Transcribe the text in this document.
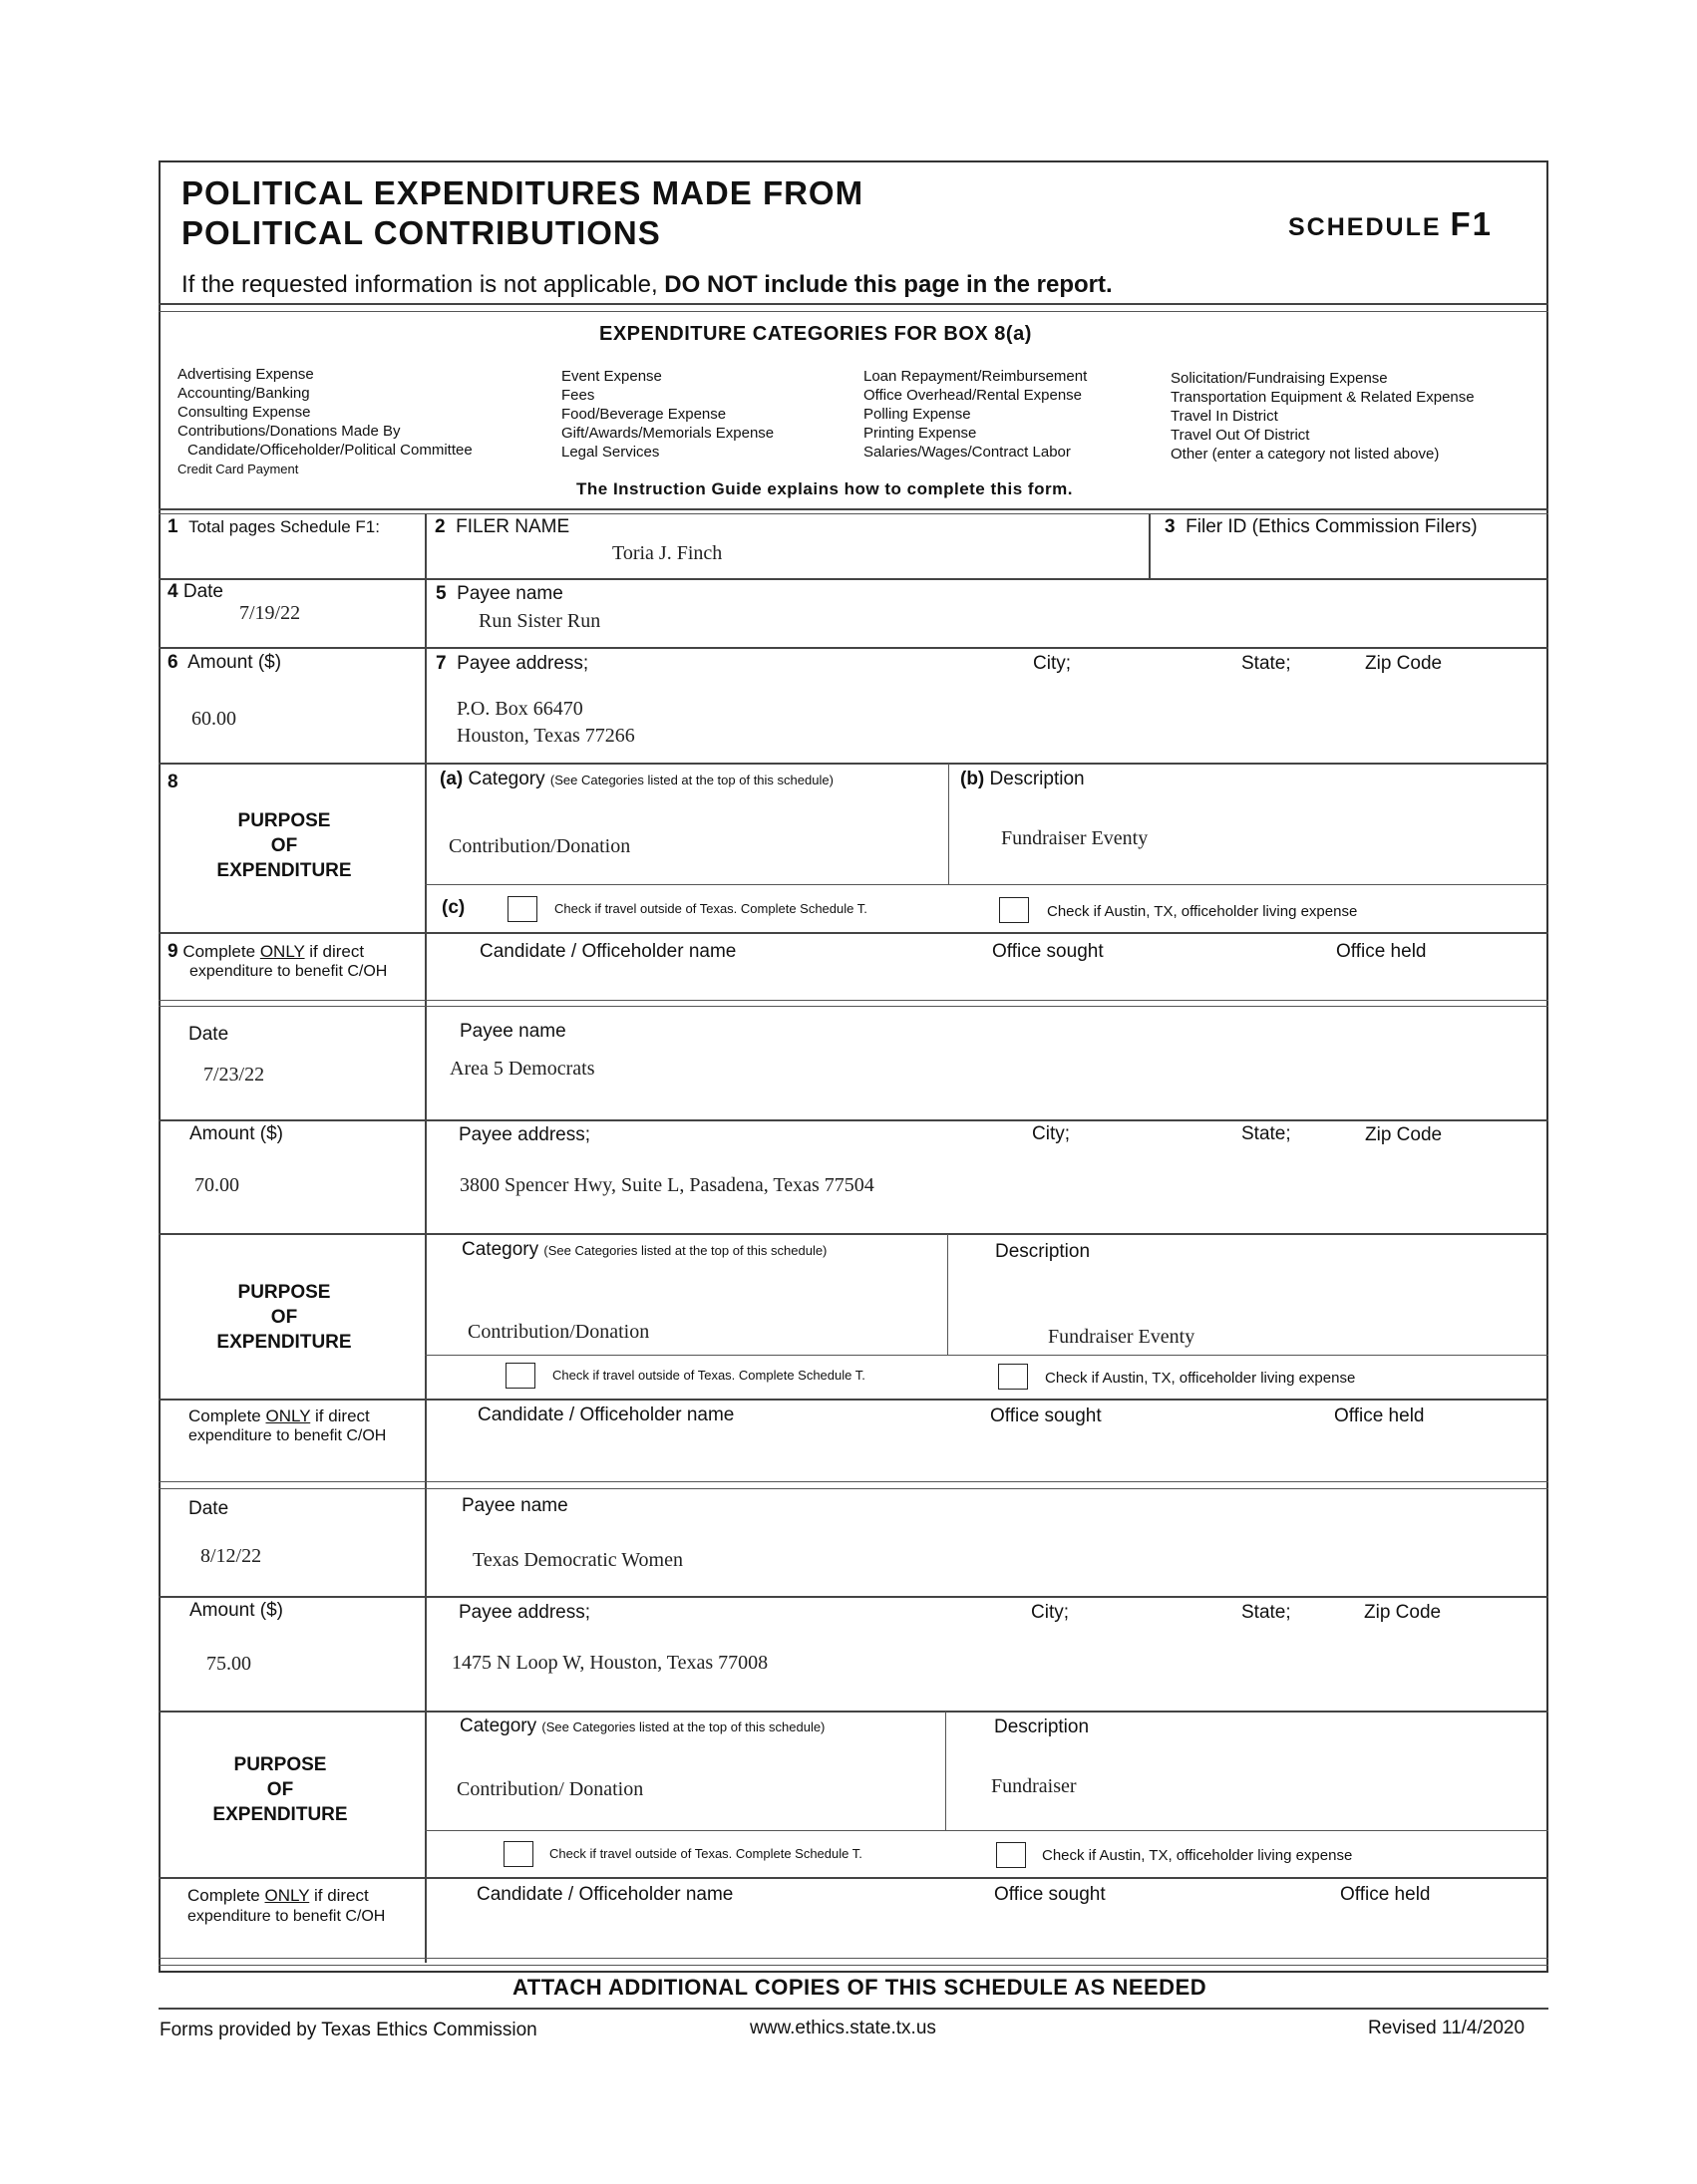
POLITICAL EXPENDITURES MADE FROM
POLITICAL CONTRIBUTIONS	SCHEDULE F1
If the requested information is not applicable, DO NOT include this page in the report.
EXPENDITURE CATEGORIES FOR BOX 8(a)
Advertising Expense
Accounting/Banking
Consulting Expense
Contributions/Donations Made By
Candidate/Officeholder/Political Committee
Credit Card Payment
Event Expense
Fees
Food/Beverage Expense
Gift/Awards/Memorials Expense
Legal Services
Loan Repayment/Reimbursement
Office Overhead/Rental Expense
Polling Expense
Printing Expense
Salaries/Wages/Contract Labor
Solicitation/Fundraising Expense
Transportation Equipment & Related Expense
Travel In District
Travel Out Of District
Other (enter a category not listed above)
The Instruction Guide explains how to complete this form.
1 Total pages Schedule F1:	2 FILER NAME
Toria J. Finch
3 Filer ID (Ethics Commission Filers)
4 Date
7/19/22
5 Payee name
Run Sister Run
6 Amount ($)
60.00
7 Payee address;	City;	State;	Zip Code
P.O. Box 66470
Houston, Texas 77266
8
PURPOSE
OF
EXPENDITURE
(a) Category (See Categories listed at the top of this schedule)
Contribution/Donation
(b) Description
Fundraiser Eventy
(c)	Check if travel outside of Texas. Complete Schedule T.	Check if Austin, TX, officeholder living expense
9 Complete ONLY if direct
expenditure to benefit C/OH
Candidate / Officeholder name	Office sought	Office held
Date
7/23/22
Payee name
Area 5 Democrats
Amount ($)
70.00
Payee address;	City;	State;	Zip Code
3800 Spencer Hwy, Suite L, Pasadena, Texas 77504
PURPOSE
OF
EXPENDITURE
Category (See Categories listed at the top of this schedule)
Contribution/Donation
Description
Fundraiser Eventy
Check if travel outside of Texas. Complete Schedule T.	Check if Austin, TX, officeholder living expense
Complete ONLY if direct
expenditure to benefit C/OH
Candidate / Officeholder name	Office sought	Office held
Date
8/12/22
Payee name
Texas Democratic Women
Amount ($)
75.00
Payee address;	City;	State;	Zip Code
1475 N Loop W, Houston, Texas 77008
PURPOSE
OF
EXPENDITURE
Category (See Categories listed at the top of this schedule)
Contribution/ Donation
Description
Fundraiser
Check if travel outside of Texas. Complete Schedule T.	Check if Austin, TX, officeholder living expense
Complete ONLY if direct
expenditure to benefit C/OH
Candidate / Officeholder name	Office sought	Office held
ATTACH ADDITIONAL COPIES OF THIS SCHEDULE AS NEEDED
Forms provided by Texas Ethics Commission	www.ethics.state.tx.us	Revised 11/4/2020
